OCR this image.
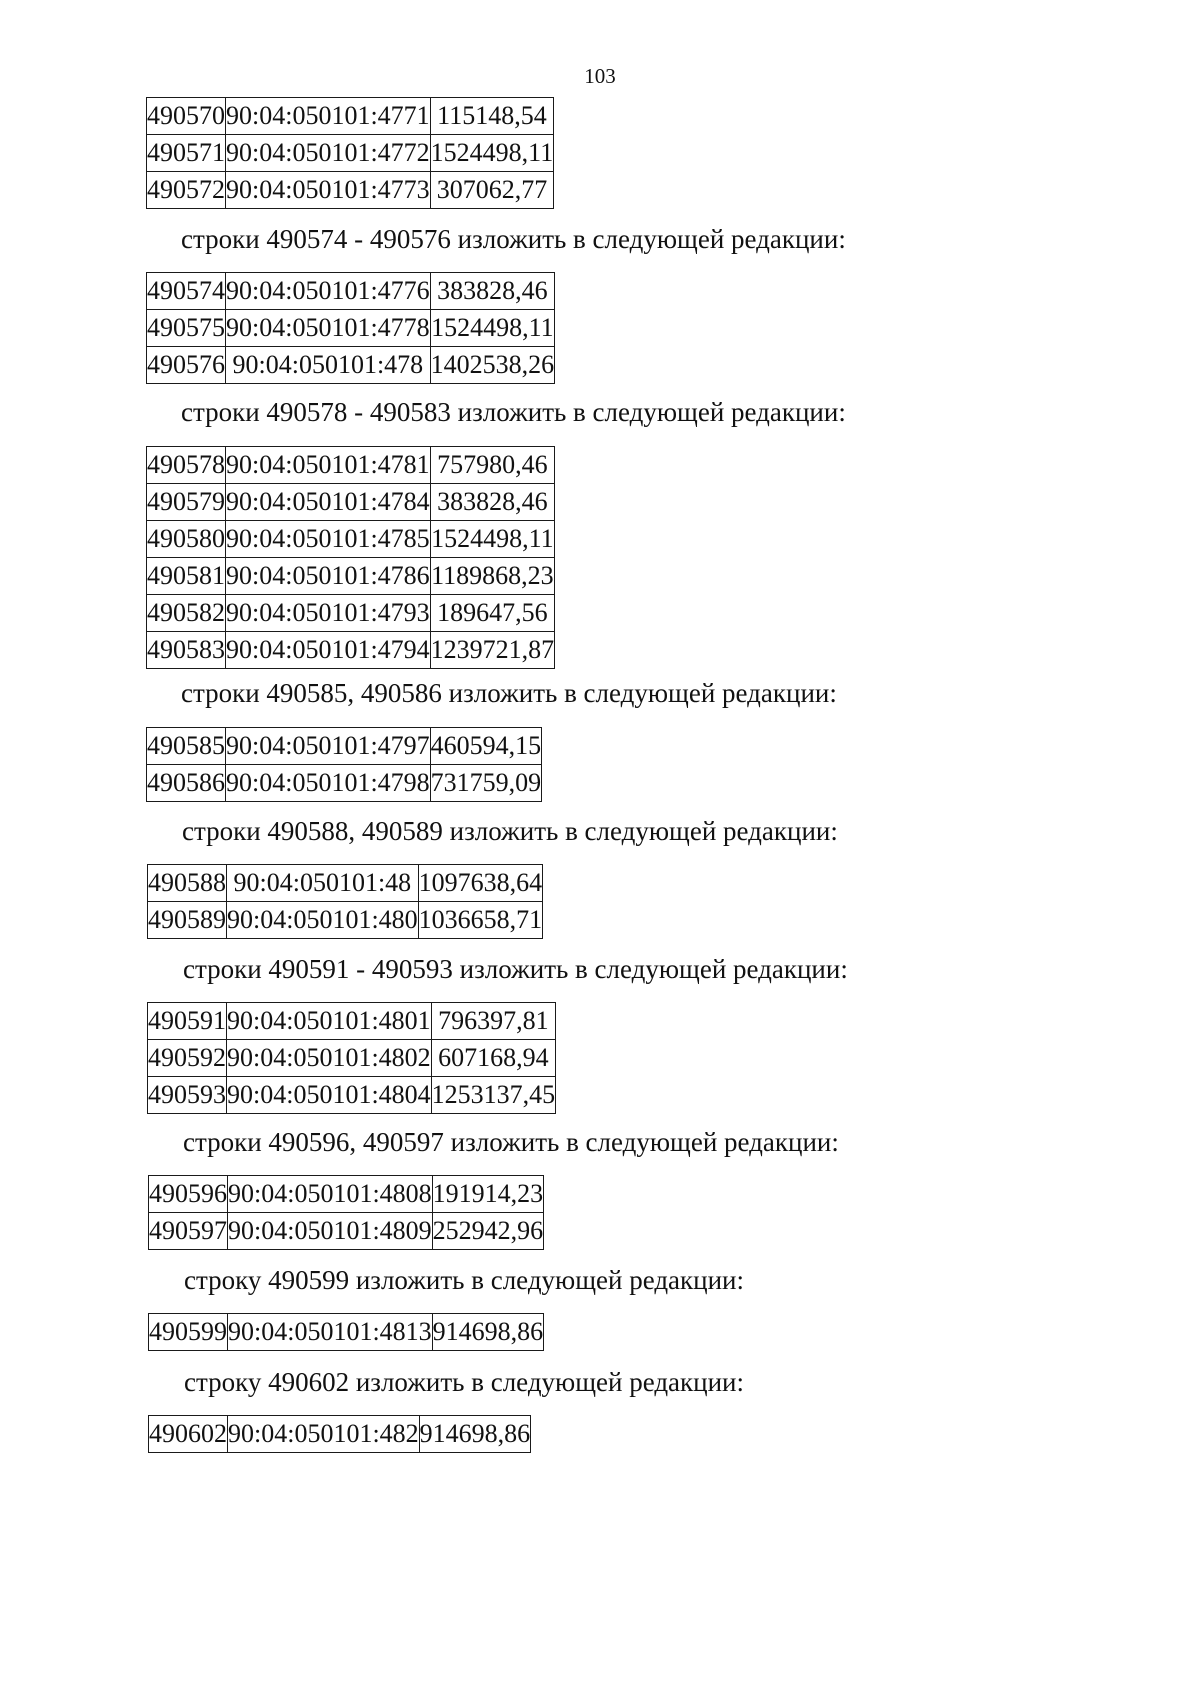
103
490570	90:04:050101:4771	115148,54
490571	90:04:050101:4772	1524498,11
490572	90:04:050101:4773	307062,77
строки 490574 - 490576 изложить в следующей редакции:
490574	90:04:050101:4776	383828,46
490575	90:04:050101:4778	1524498,11
490576	90:04:050101:478	1402538,26
строки 490578 - 490583 изложить в следующей редакции:
490578	90:04:050101:4781	757980,46
490579	90:04:050101:4784	383828,46
490580	90:04:050101:4785	1524498,11
490581	90:04:050101:4786	1189868,23
490582	90:04:050101:4793	189647,56
490583	90:04:050101:4794	1239721,87
строки 490585, 490586 изложить в следующей редакции:
490585	90:04:050101:4797	460594,15
490586	90:04:050101:4798	731759,09
строки 490588, 490589 изложить в следующей редакции:
490588	90:04:050101:48	1097638,64
490589	90:04:050101:480	1036658,71
строки 490591 - 490593 изложить в следующей редакции:
490591	90:04:050101:4801	796397,81
490592	90:04:050101:4802	607168,94
490593	90:04:050101:4804	1253137,45
строки 490596, 490597 изложить в следующей редакции:
490596	90:04:050101:4808	191914,23
490597	90:04:050101:4809	252942,96
строку 490599 изложить в следующей редакции:
490599	90:04:050101:4813	914698,86
строку 490602 изложить в следующей редакции:
490602	90:04:050101:482	914698,86
